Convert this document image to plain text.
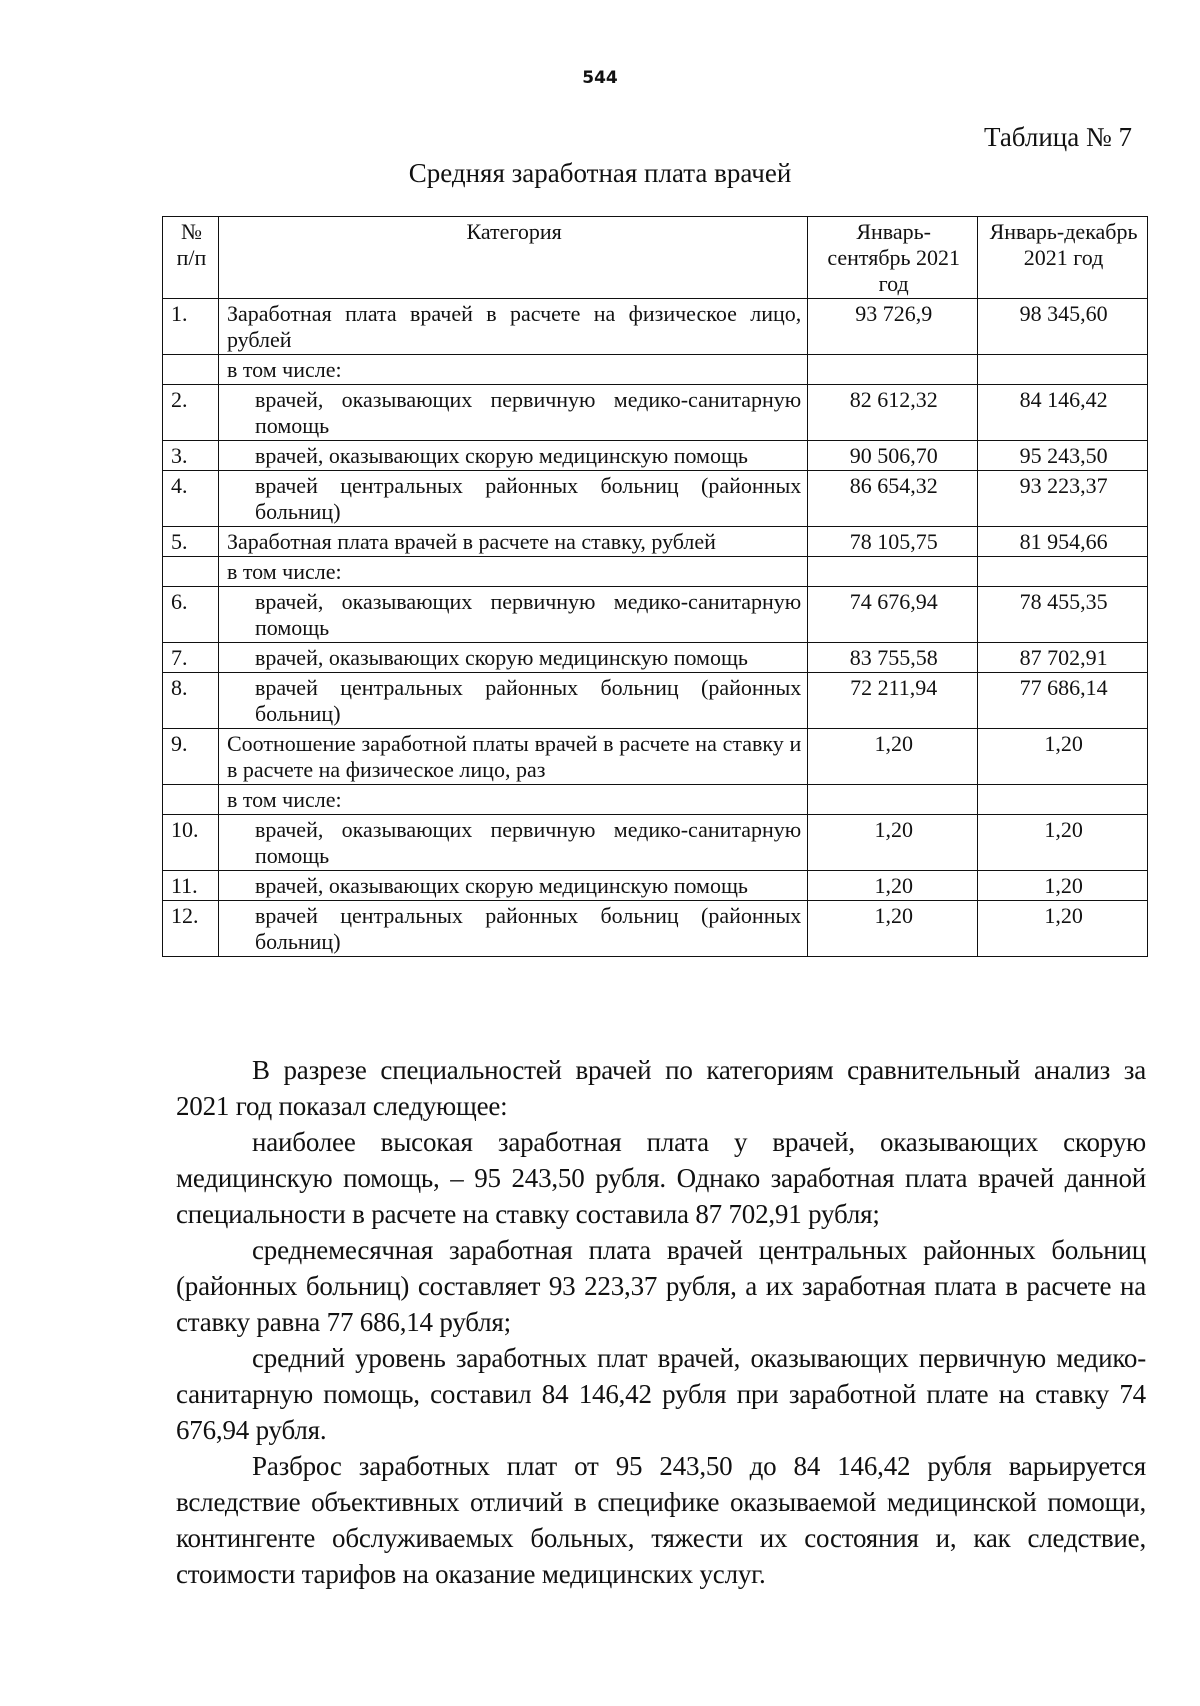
544
Таблица № 7
Средняя заработная плата врачей
№ п/п	Категория	Январь-сентябрь 2021 год	Январь-декабрь 2021 год
1.	Заработная плата врачей в расчете на физическое лицо, рублей	93 726,9	98 345,60
	в том числе:		
2.	врачей, оказывающих первичную медико-санитарную помощь	82 612,32	84 146,42
3.	врачей, оказывающих скорую медицинскую помощь	90 506,70	95 243,50
4.	врачей центральных районных больниц (районных больниц)	86 654,32	93 223,37
5.	Заработная плата врачей в расчете на ставку, рублей	78 105,75	81 954,66
	в том числе:		
6.	врачей, оказывающих первичную медико-санитарную помощь	74 676,94	78 455,35
7.	врачей, оказывающих скорую медицинскую помощь	83 755,58	87 702,91
8.	врачей центральных районных больниц (районных больниц)	72 211,94	77 686,14
9.	Соотношение заработной платы врачей в расчете на ставку и в расчете на физическое лицо, раз	1,20	1,20
	в том числе:		
10.	врачей, оказывающих первичную медико-санитарную помощь	1,20	1,20
11.	врачей, оказывающих скорую медицинскую помощь	1,20	1,20
12.	врачей центральных районных больниц (районных больниц)	1,20	1,20

В разрезе специальностей врачей по категориям сравнительный анализ за 2021 год показал следующее:

наиболее высокая заработная плата у врачей, оказывающих скорую медицинскую помощь, – 95 243,50 рубля. Однако заработная плата врачей данной специальности в расчете на ставку составила 87 702,91 рубля;

среднемесячная заработная плата врачей центральных районных больниц (районных больниц) составляет 93 223,37 рубля, а их заработная плата в расчете на ставку равна 77 686,14 рубля;

средний уровень заработных плат врачей, оказывающих первичную медико-санитарную помощь, составил 84 146,42 рубля при заработной плате на ставку 74 676,94 рубля.

Разброс заработных плат от 95 243,50 до 84 146,42 рубля варьируется вследствие объективных отличий в специфике оказываемой медицинской помощи, контингенте обслуживаемых больных, тяжести их состояния и, как следствие, стоимости тарифов на оказание медицинских услуг.
